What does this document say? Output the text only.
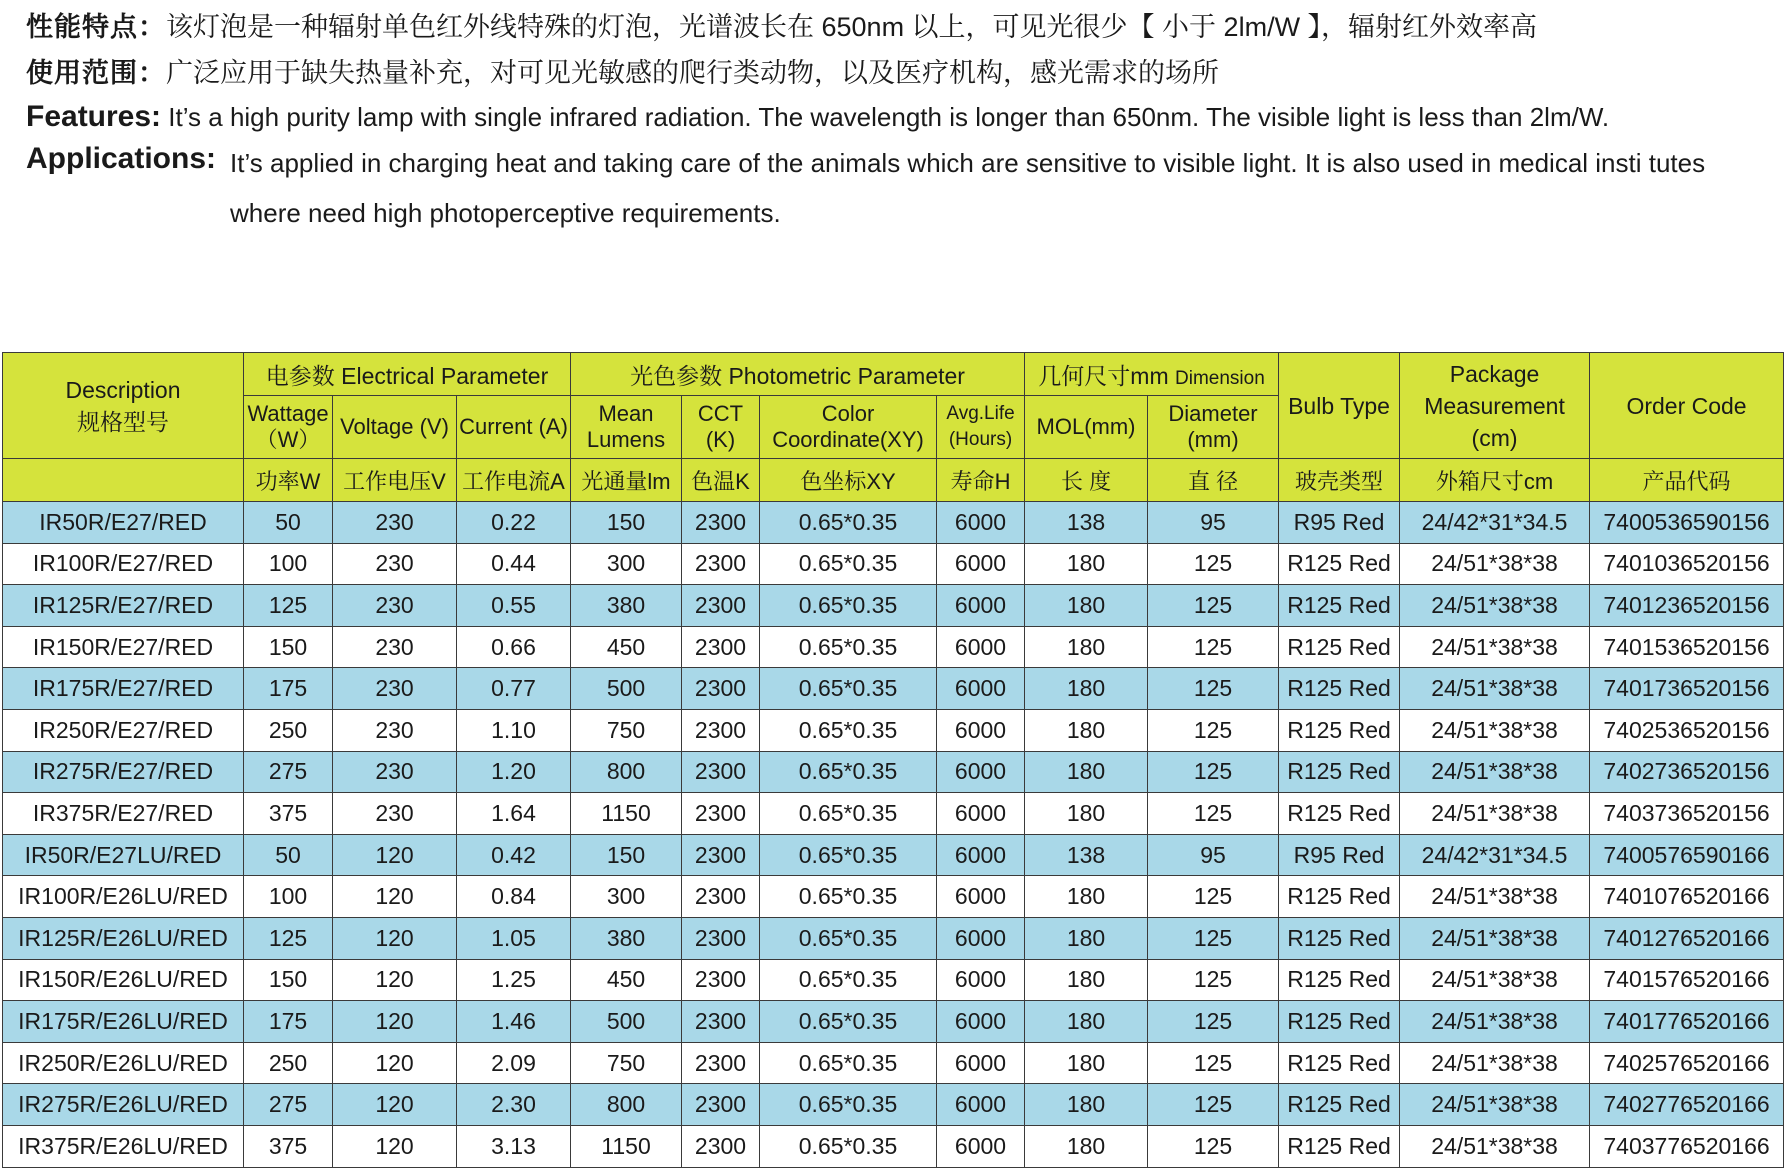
性能特点：该灯泡是一种辐射单色红外线特殊的灯泡，光谱波长在 650nm 以上，可见光很少【 小于 2lm/W 】，辐射红外效率高
使用范围：广泛应用于缺失热量补充，对可见光敏感的爬行类动物，以及医疗机构，感光需求的场所
Features: It’s a high purity lamp with single infrared radiation. The wavelength is longer than 650nm. The visible light is less than 2lm/W.
Applications: It’s applied in charging heat and taking care of the animals which are sensitive to visible light. It is also used in medical insti tutes where need high photoperceptive requirements.
Description
规格型号	电参数 Electrical Parameter			光色参数 Photometric Parameter				几何尺寸mm Dimension		Bulb Type	Package Measurement (cm)	Order Code
	Wattage （W）	Voltage (V)	Current (A)	Mean Lumens	CCT (K)	Color Coordinate(XY)	Avg.Life (Hours)	MOL(mm)	Diameter (mm)			
	功率W	工作电压V	工作电流A	光通量lm	色温K	色坐标XY	寿命H	长 度	直 径	玻壳类型	外箱尺寸cm	产品代码
IR50R/E27/RED	50	230	0.22	150	2300	0.65*0.35	6000	138	95	R95 Red	24/42*31*34.5	7400536590156
IR100R/E27/RED	100	230	0.44	300	2300	0.65*0.35	6000	180	125	R125 Red	24/51*38*38	7401036520156
IR125R/E27/RED	125	230	0.55	380	2300	0.65*0.35	6000	180	125	R125 Red	24/51*38*38	7401236520156
IR150R/E27/RED	150	230	0.66	450	2300	0.65*0.35	6000	180	125	R125 Red	24/51*38*38	7401536520156
IR175R/E27/RED	175	230	0.77	500	2300	0.65*0.35	6000	180	125	R125 Red	24/51*38*38	7401736520156
IR250R/E27/RED	250	230	1.10	750	2300	0.65*0.35	6000	180	125	R125 Red	24/51*38*38	7402536520156
IR275R/E27/RED	275	230	1.20	800	2300	0.65*0.35	6000	180	125	R125 Red	24/51*38*38	7402736520156
IR375R/E27/RED	375	230	1.64	1150	2300	0.65*0.35	6000	180	125	R125 Red	24/51*38*38	7403736520156
IR50R/E27LU/RED	50	120	0.42	150	2300	0.65*0.35	6000	138	95	R95 Red	24/42*31*34.5	7400576590166
IR100R/E26LU/RED	100	120	0.84	300	2300	0.65*0.35	6000	180	125	R125 Red	24/51*38*38	7401076520166
IR125R/E26LU/RED	125	120	1.05	380	2300	0.65*0.35	6000	180	125	R125 Red	24/51*38*38	7401276520166
IR150R/E26LU/RED	150	120	1.25	450	2300	0.65*0.35	6000	180	125	R125 Red	24/51*38*38	7401576520166
IR175R/E26LU/RED	175	120	1.46	500	2300	0.65*0.35	6000	180	125	R125 Red	24/51*38*38	7401776520166
IR250R/E26LU/RED	250	120	2.09	750	2300	0.65*0.35	6000	180	125	R125 Red	24/51*38*38	7402576520166
IR275R/E26LU/RED	275	120	2.30	800	2300	0.65*0.35	6000	180	125	R125 Red	24/51*38*38	7402776520166
IR375R/E26LU/RED	375	120	3.13	1150	2300	0.65*0.35	6000	180	125	R125 Red	24/51*38*38	7403776520166
